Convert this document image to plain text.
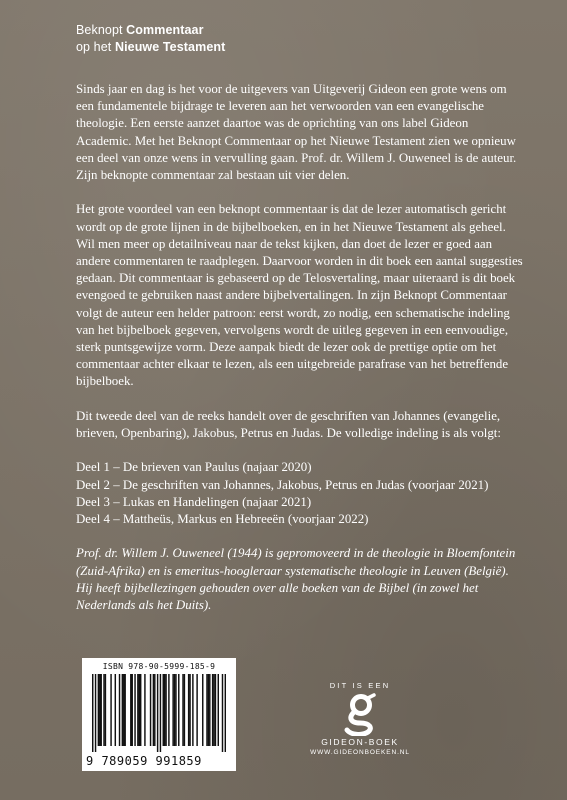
Beknopt Commentaar
op het Nieuwe Testament

Sinds jaar en dag is het voor de uitgevers van Uitgeverij Gideon een grote wens om een fundamentele bijdrage te leveren aan het verwoorden van een evangelische theologie. Een eerste aanzet daartoe was de oprichting van ons label Gideon Academic. Met het Beknopt Commentaar op het Nieuwe Testament zien we opnieuw een deel van onze wens in vervulling gaan. Prof. dr. Willem J. Ouweneel is de auteur. Zijn beknopte commentaar zal bestaan uit vier delen.

Het grote voordeel van een beknopt commentaar is dat de lezer automatisch gericht wordt op de grote lijnen in de bijbelboeken, en in het Nieuwe Testament als geheel. Wil men meer op detailniveau naar de tekst kijken, dan doet de lezer er goed aan andere commentaren te raadplegen. Daarvoor worden in dit boek een aantal suggesties gedaan. Dit commentaar is gebaseerd op de Telosvertaling, maar uiteraard is dit boek evengoed te gebruiken naast andere bijbelvertalingen. In zijn Beknopt Commentaar volgt de auteur een helder patroon: eerst wordt, zo nodig, een schematische indeling van het bijbelboek gegeven, vervolgens wordt de uitleg gegeven in een eenvoudige, sterk puntsgewijze vorm. Deze aanpak biedt de lezer ook de prettige optie om het commentaar achter elkaar te lezen, als een uitgebreide parafrase van het betreffende bijbelboek.

Dit tweede deel van de reeks handelt over de geschriften van Johannes (evangelie, brieven, Openbaring), Jakobus, Petrus en Judas. De volledige indeling is als volgt:

Deel 1 – De brieven van Paulus (najaar 2020)
Deel 2 – De geschriften van Johannes, Jakobus, Petrus en Judas (voorjaar 2021)
Deel 3 – Lukas en Handelingen (najaar 2021)
Deel 4 – Mattheüs, Markus en Hebreeën (voorjaar 2022)

Prof. dr. Willem J. Ouweneel (1944) is gepromoveerd in de theologie in Bloemfontein (Zuid-Afrika) en is emeritus-hoogleraar systematische theologie in Leuven (België). Hij heeft bijbellezingen gehouden over alle boeken van de Bijbel (in zowel het Nederlands als het Duits).

ISBN 978-90-5999-185-9
9 789059 991859
DIT IS EEN
GIDEON-BOEK
WWW.GIDEONBOEKEN.NL
